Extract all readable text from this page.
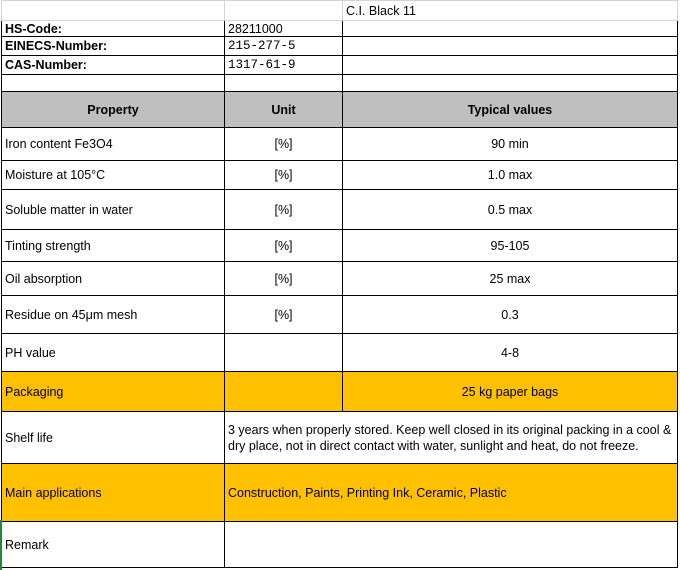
		C.I. Black 11
HS-Code:	28211000	
EINECS-Number:	215-277-5	
CAS-Number:	1317-61-9	

Property	Unit	Typical values
Iron content Fe3O4	[%]	90 min
Moisture at 105°C	[%]	1.0 max
Soluble matter in water	[%]	0.5 max
Tinting strength	[%]	95-105
Oil absorption	[%]	25 max
Residue on 45μm mesh	[%]	0.3
PH value		4-8
Packaging		25 kg paper bags
Shelf life	3 years when properly stored. Keep well closed in its original packing in a cool & dry place, not in direct contact with water, sunlight and heat, do not freeze.	
Main applications	Construction, Paints, Printing Ink, Ceramic, Plastic	
Remark		
